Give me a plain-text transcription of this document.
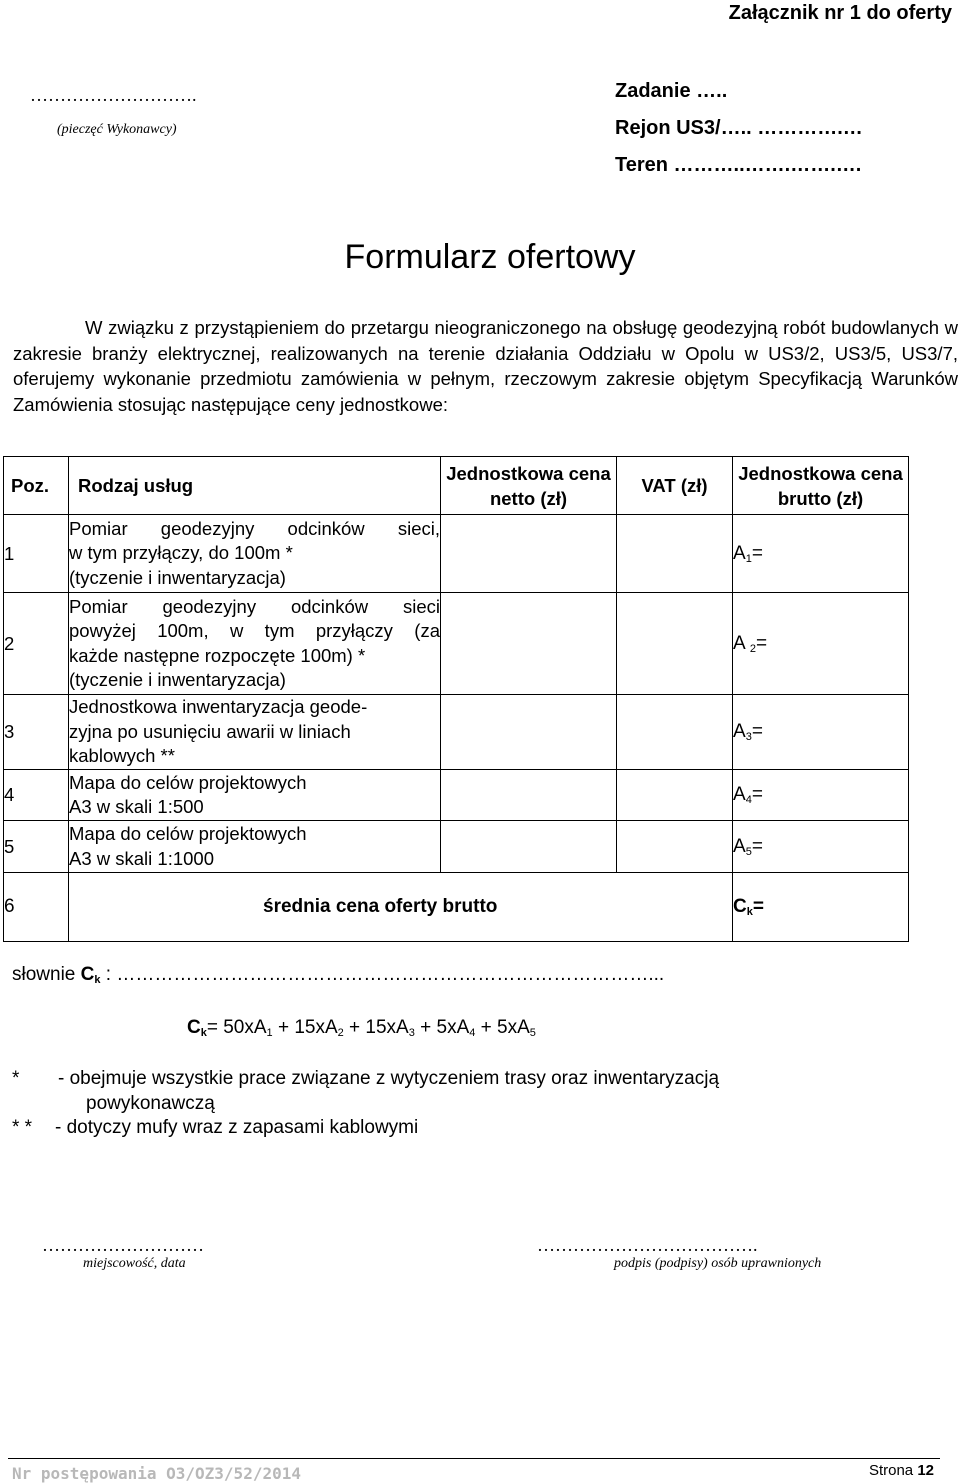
Załącznik nr 1 do oferty
……………………….
(pieczęć Wykonawcy)
Zadanie …..
Rejon US3/….. ………….…
Teren ………..…….…….….
Formularz ofertowy
W związku z przystąpieniem do przetargu nieograniczonego na obsługę geodezyjną robót budowlanych w zakresie branży elektrycznej, realizowanych na terenie działania Oddziału w Opolu w US3/2, US3/5, US3/7, oferujemy wykonanie przedmiotu zamówienia w pełnym, rzeczowym zakresie objętym Specyfikacją Warunków Zamówienia stosując następujące ceny jednostkowe:
Poz.	Rodzaj usług	Jednostkowa cena netto (zł)	VAT (zł)	Jednostkowa cena brutto (zł)
1	Pomiar geodezyjny odcinków sieci,
w tym przyłączy, do 100m *
(tyczenie i inwentaryzacja)			$A_1=$
2	Pomiar geodezyjny odcinków sieci
powyżej 100m, w tym przyłączy (za
każde następne rozpoczęte 100m) *
(tyczenie i inwentaryzacja)			A $_2$=
3	Jednostkowa inwentaryzacja geode-
zyjna po usunięciu awarii w liniach
kablowych **			$A_3=$
4	Mapa do celów projektowych
A3 w skali 1:500			$A_4=$
5	Mapa do celów projektowych
A3 w skali 1:1000			$A_5=$
6	średnia cena oferty brutto			$C_k=$
słownie $C_k$ : …………………………………………………………………………...
$C_k= 50xA_1 + 15xA_2 + 15xA_3 + 5xA_4 + 5xA_5$
* - obejmuje wszystkie prace związane z wytyczeniem trasy oraz inwentaryzacją
powykonawczą
* * - dotyczy mufy wraz z zapasami kablowymi
………………………
miejscowość, data
……………………………….
podpis (podpisy) osób uprawnionych
Nr postępowania O3/OZ3/52/2014	Strona 12
